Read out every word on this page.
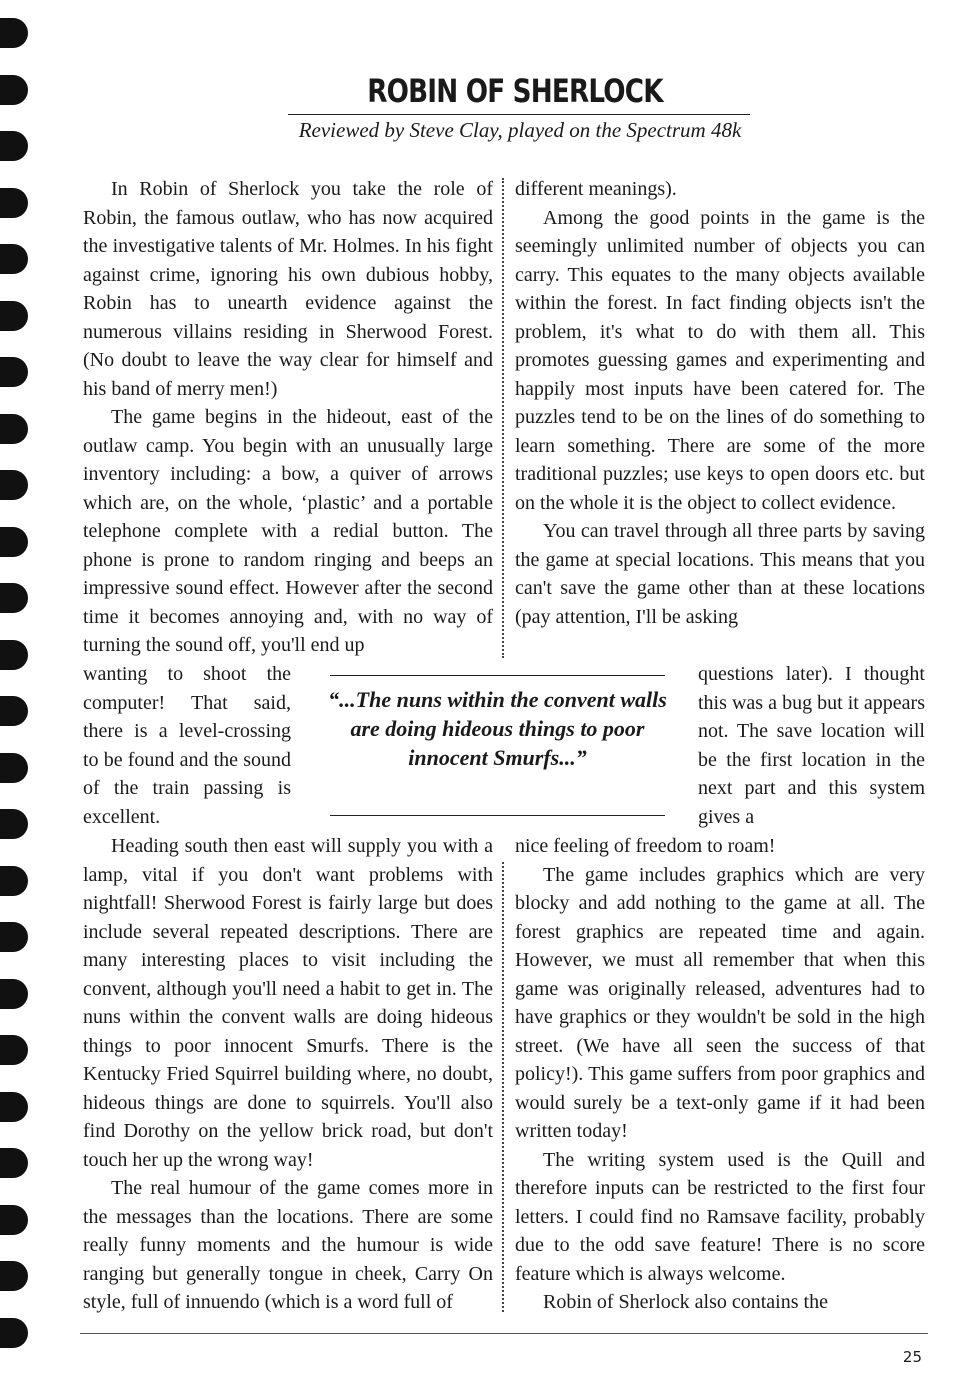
ROBIN OF SHERLOCK
Reviewed by Steve Clay, played on the Spectrum 48k

In Robin of Sherlock you take the role of Robin, the famous outlaw, who has now acquired the investigative talents of Mr. Holmes. In his fight against crime, ignoring his own dubious hobby, Robin has to unearth evidence against the numerous villains residing in Sherwood Forest. (No doubt to leave the way clear for himself and his band of merry men!)

The game begins in the hideout, east of the outlaw camp. You begin with an unusually large inventory including: a bow, a quiver of arrows which are, on the whole, ‘plastic’ and a portable telephone complete with a redial button. The phone is prone to random ringing and beeps an impressive sound effect. However after the second time it becomes annoying and, with no way of turning the sound off, you'll end up

different meanings).

Among the good points in the game is the seemingly unlimited number of objects you can carry. This equates to the many objects available within the forest. In fact finding objects isn't the problem, it's what to do with them all. This promotes guessing games and experimenting and happily most inputs have been catered for. The puzzles tend to be on the lines of do something to learn something. There are some of the more traditional puzzles; use keys to open doors etc. but on the whole it is the object to collect evidence.

You can travel through all three parts by saving the game at special locations. This means that you can't save the game other than at these locations (pay attention, I'll be asking

wanting to shoot the computer! That said, there is a level-crossing to be found and the sound of the train passing is excellent.
questions later). I thought this was a bug but it appears not. The save location will be the first location in the next part and this system gives a
“...The nuns within the convent walls are doing hideous things to poor innocent Smurfs...”

Heading south then east will supply you with a lamp, vital if you don't want problems with nightfall! Sherwood Forest is fairly large but does include several repeated descriptions. There are many interesting places to visit including the convent, although you'll need a habit to get in. The nuns within the convent walls are doing hideous things to poor innocent Smurfs. There is the Kentucky Fried Squirrel building where, no doubt, hideous things are done to squirrels. You'll also find Dorothy on the yellow brick road, but don't touch her up the wrong way!

The real humour of the game comes more in the messages than the locations. There are some really funny moments and the humour is wide ranging but generally tongue in cheek, Carry On style, full of innuendo (which is a word full of

nice feeling of freedom to roam!

The game includes graphics which are very blocky and add nothing to the game at all. The forest graphics are repeated time and again. However, we must all remember that when this game was originally released, adventures had to have graphics or they wouldn't be sold in the high street. (We have all seen the success of that policy!). This game suffers from poor graphics and would surely be a text-only game if it had been written today!

The writing system used is the Quill and therefore inputs can be restricted to the first four letters. I could find no Ramsave facility, probably due to the odd save feature! There is no score feature which is always welcome.

Robin of Sherlock also contains the

25
